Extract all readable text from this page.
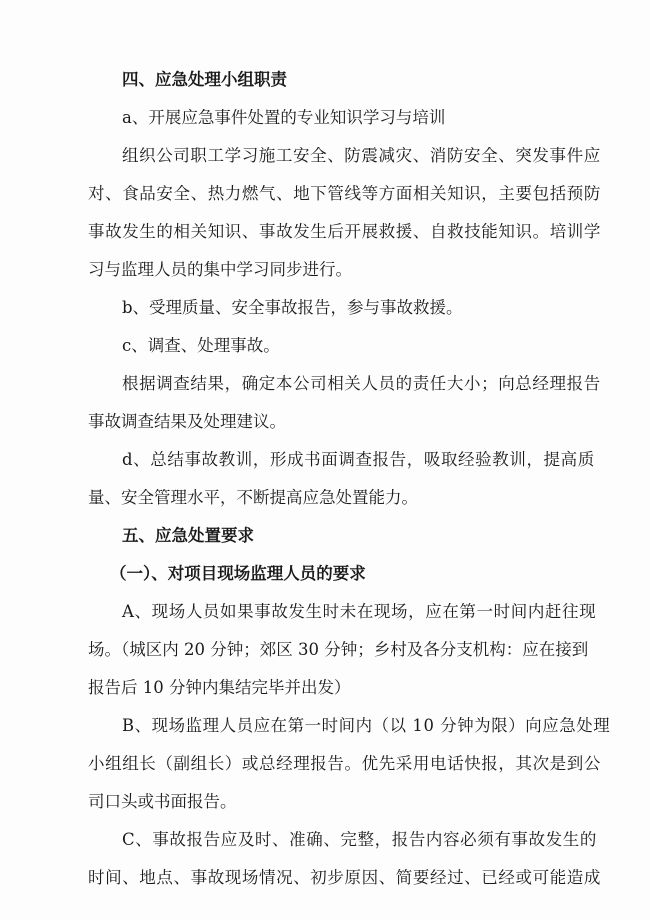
四、应急处理小组职责
a、开展应急事件处置的专业知识学习与培训
组织公司职工学习施工安全、防震减灾、消防安全、突发事件应
对、食品安全、热力燃气、地下管线等方面相关知识，主要包括预防
事故发生的相关知识、事故发生后开展救援、自救技能知识。培训学
习与监理人员的集中学习同步进行。
b、受理质量、安全事故报告，参与事故救援。
c、调查、处理事故。
根据调查结果，确定本公司相关人员的责任大小；向总经理报告
事故调查结果及处理建议。
d、总结事故教训，形成书面调查报告，吸取经验教训，提高质
量、安全管理水平，不断提高应急处置能力。
五、应急处置要求
（一）、对项目现场监理人员的要求
A、现场人员如果事故发生时未在现场，应在第一时间内赶往现
场。（城区内 20 分钟；郊区 30 分钟；乡村及各分支机构：应在接到
报告后 10 分钟内集结完毕并出发）
B、现场监理人员应在第一时间内（以 10 分钟为限）向应急处理
小组组长（副组长）或总经理报告。优先采用电话快报，其次是到公
司口头或书面报告。
C、事故报告应及时、准确、完整，报告内容必须有事故发生的
时间、地点、事故现场情况、初步原因、简要经过、已经或可能造成
